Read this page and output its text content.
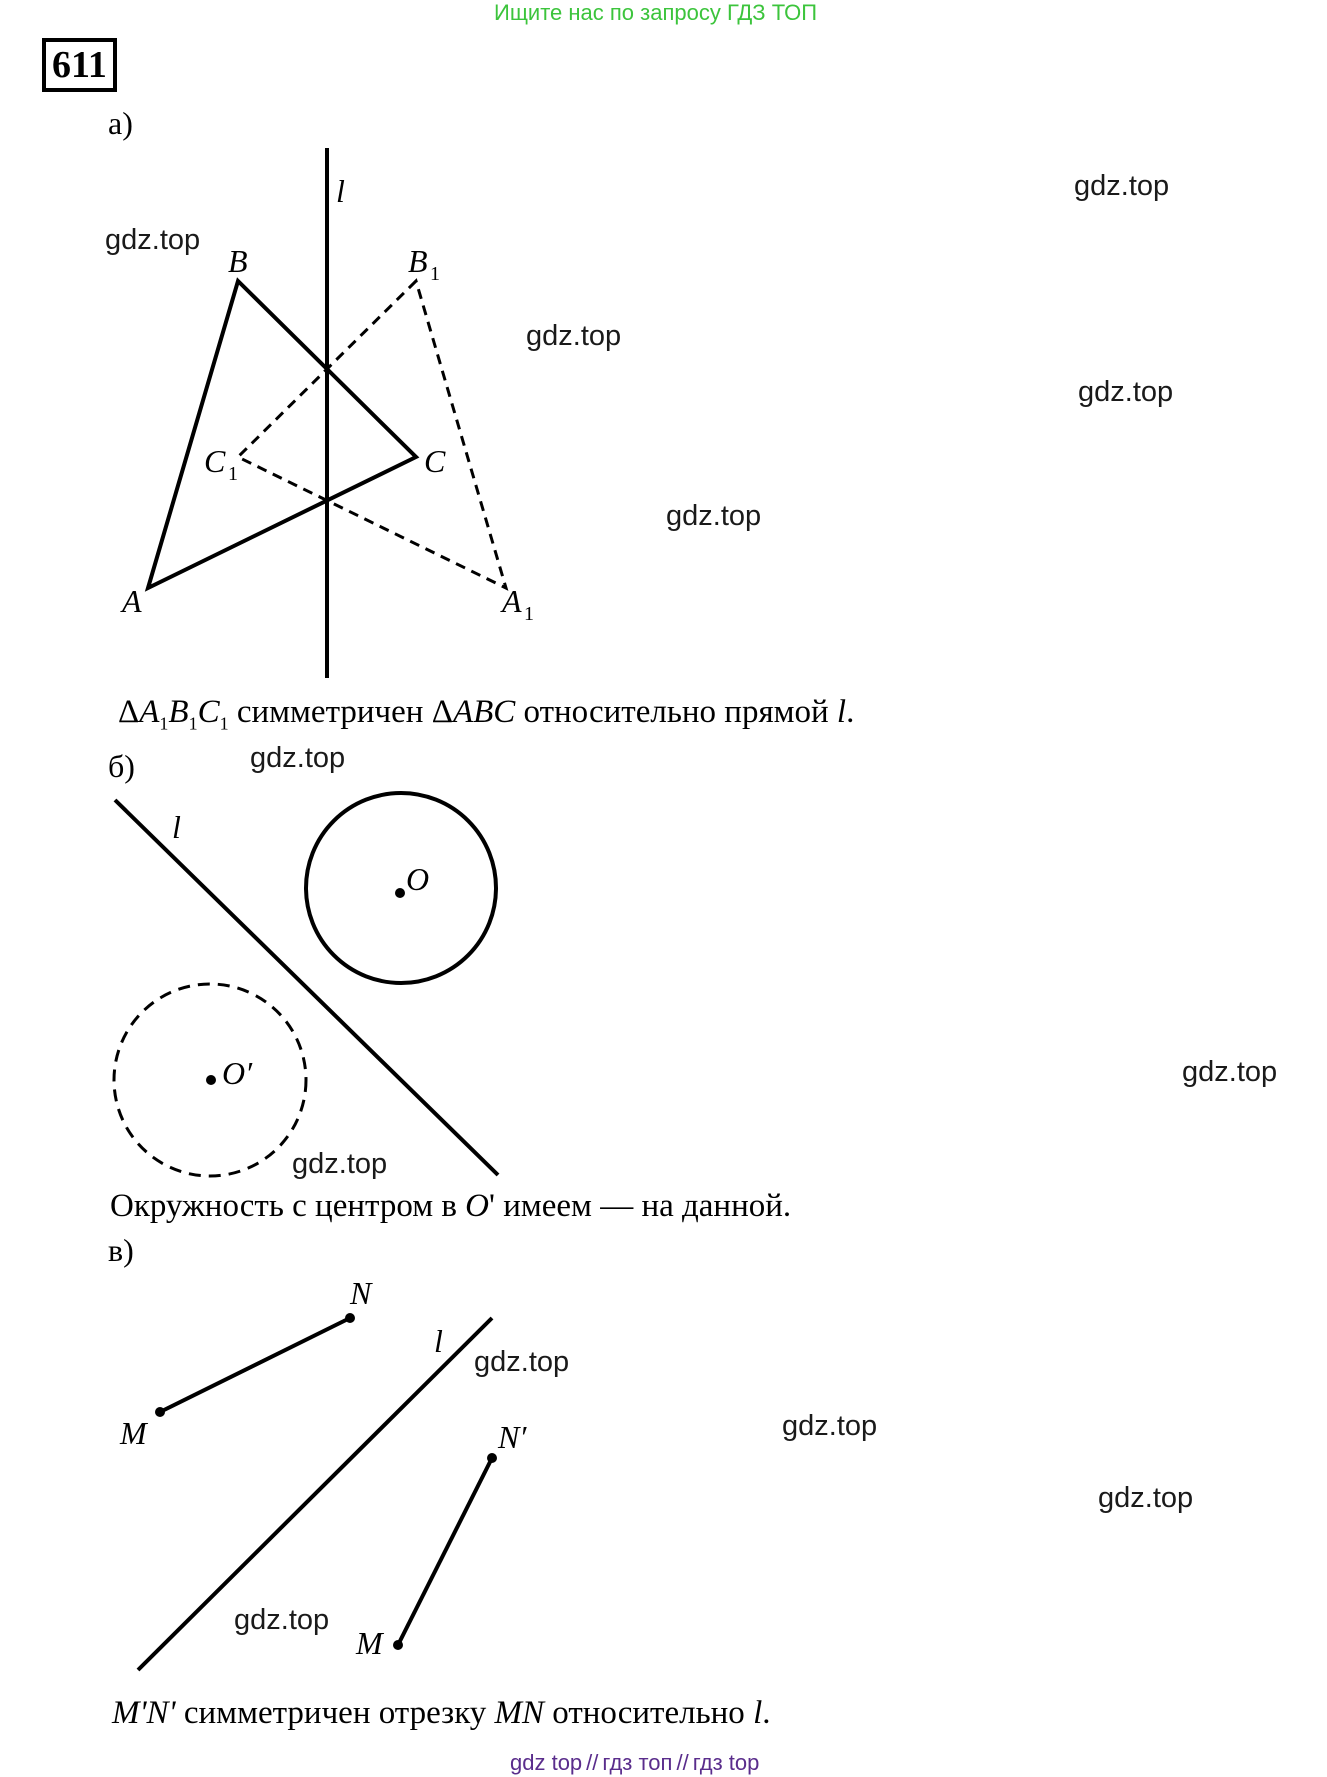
Ищите нас по запросу ГДЗ ТОП
611
а)
б)
в)
l
B	B 1
C 1	C
A	A 1
l
O
O′
N
l
M	N′
M
$\Delta A_1B_1C_1$ симметричен ΔABC относительно прямой l.
Окружность с центром в O' имеем — на данной.
M'N' симметричен отрезку MN относительно l.
gdz.top
gdz.top
gdz.top
gdz.top
gdz.top
gdz.top
gdz.top
gdz.top
gdz.top
gdz.top
gdz.top
gdz.top
gdz top // гдз топ // гдз top
